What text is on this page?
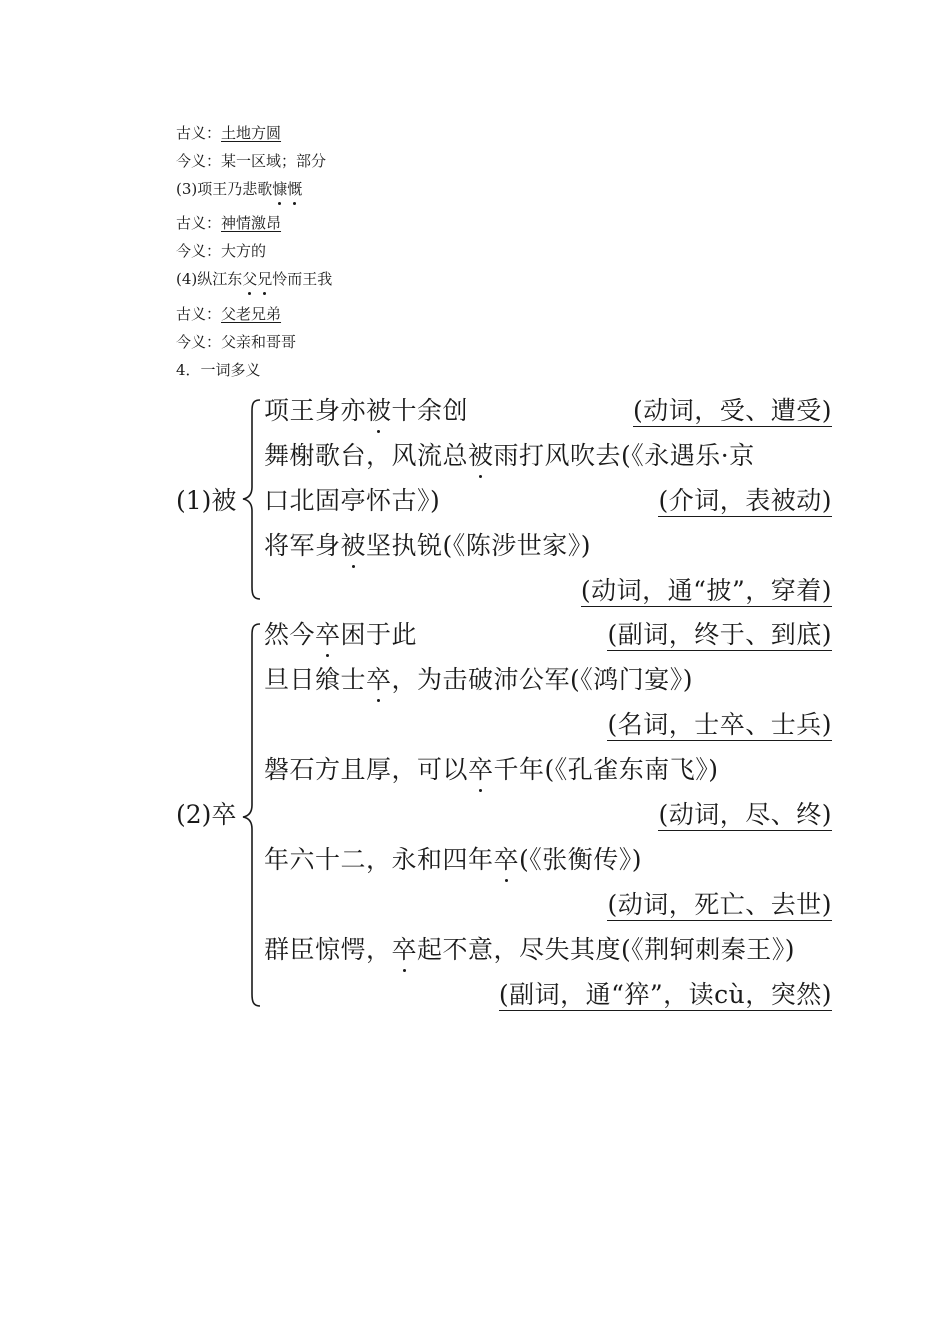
古义：土地方圆
今义：某一区域；部分
(3)项王乃悲歌慷慨
古义：神情激昂
今义：大方的
(4)纵江东父兄怜而王我
古义：父老兄弟
今义：父亲和哥哥
4．一词多义
(1)被
项王身亦被十余创	(动词，受、遭受)
舞榭歌台，风流总被雨打风吹去(《永遇乐·京
口北固亭怀古》)	(介词，表被动)
将军身被坚执锐(《陈涉世家》)
(动词，通“披”，穿着)
(2)卒
然今卒困于此	(副词，终于、到底)
旦日飨士卒，为击破沛公军(《鸿门宴》)
(名词，士卒、士兵)
磐石方且厚，可以卒千年(《孔雀东南飞》)
(动词，尽、终)
年六十二，永和四年卒(《张衡传》)
(动词，死亡、去世)
群臣惊愕，卒起不意，尽失其度(《荆轲刺秦王》)
(副词，通“猝”，读cù，突然)
